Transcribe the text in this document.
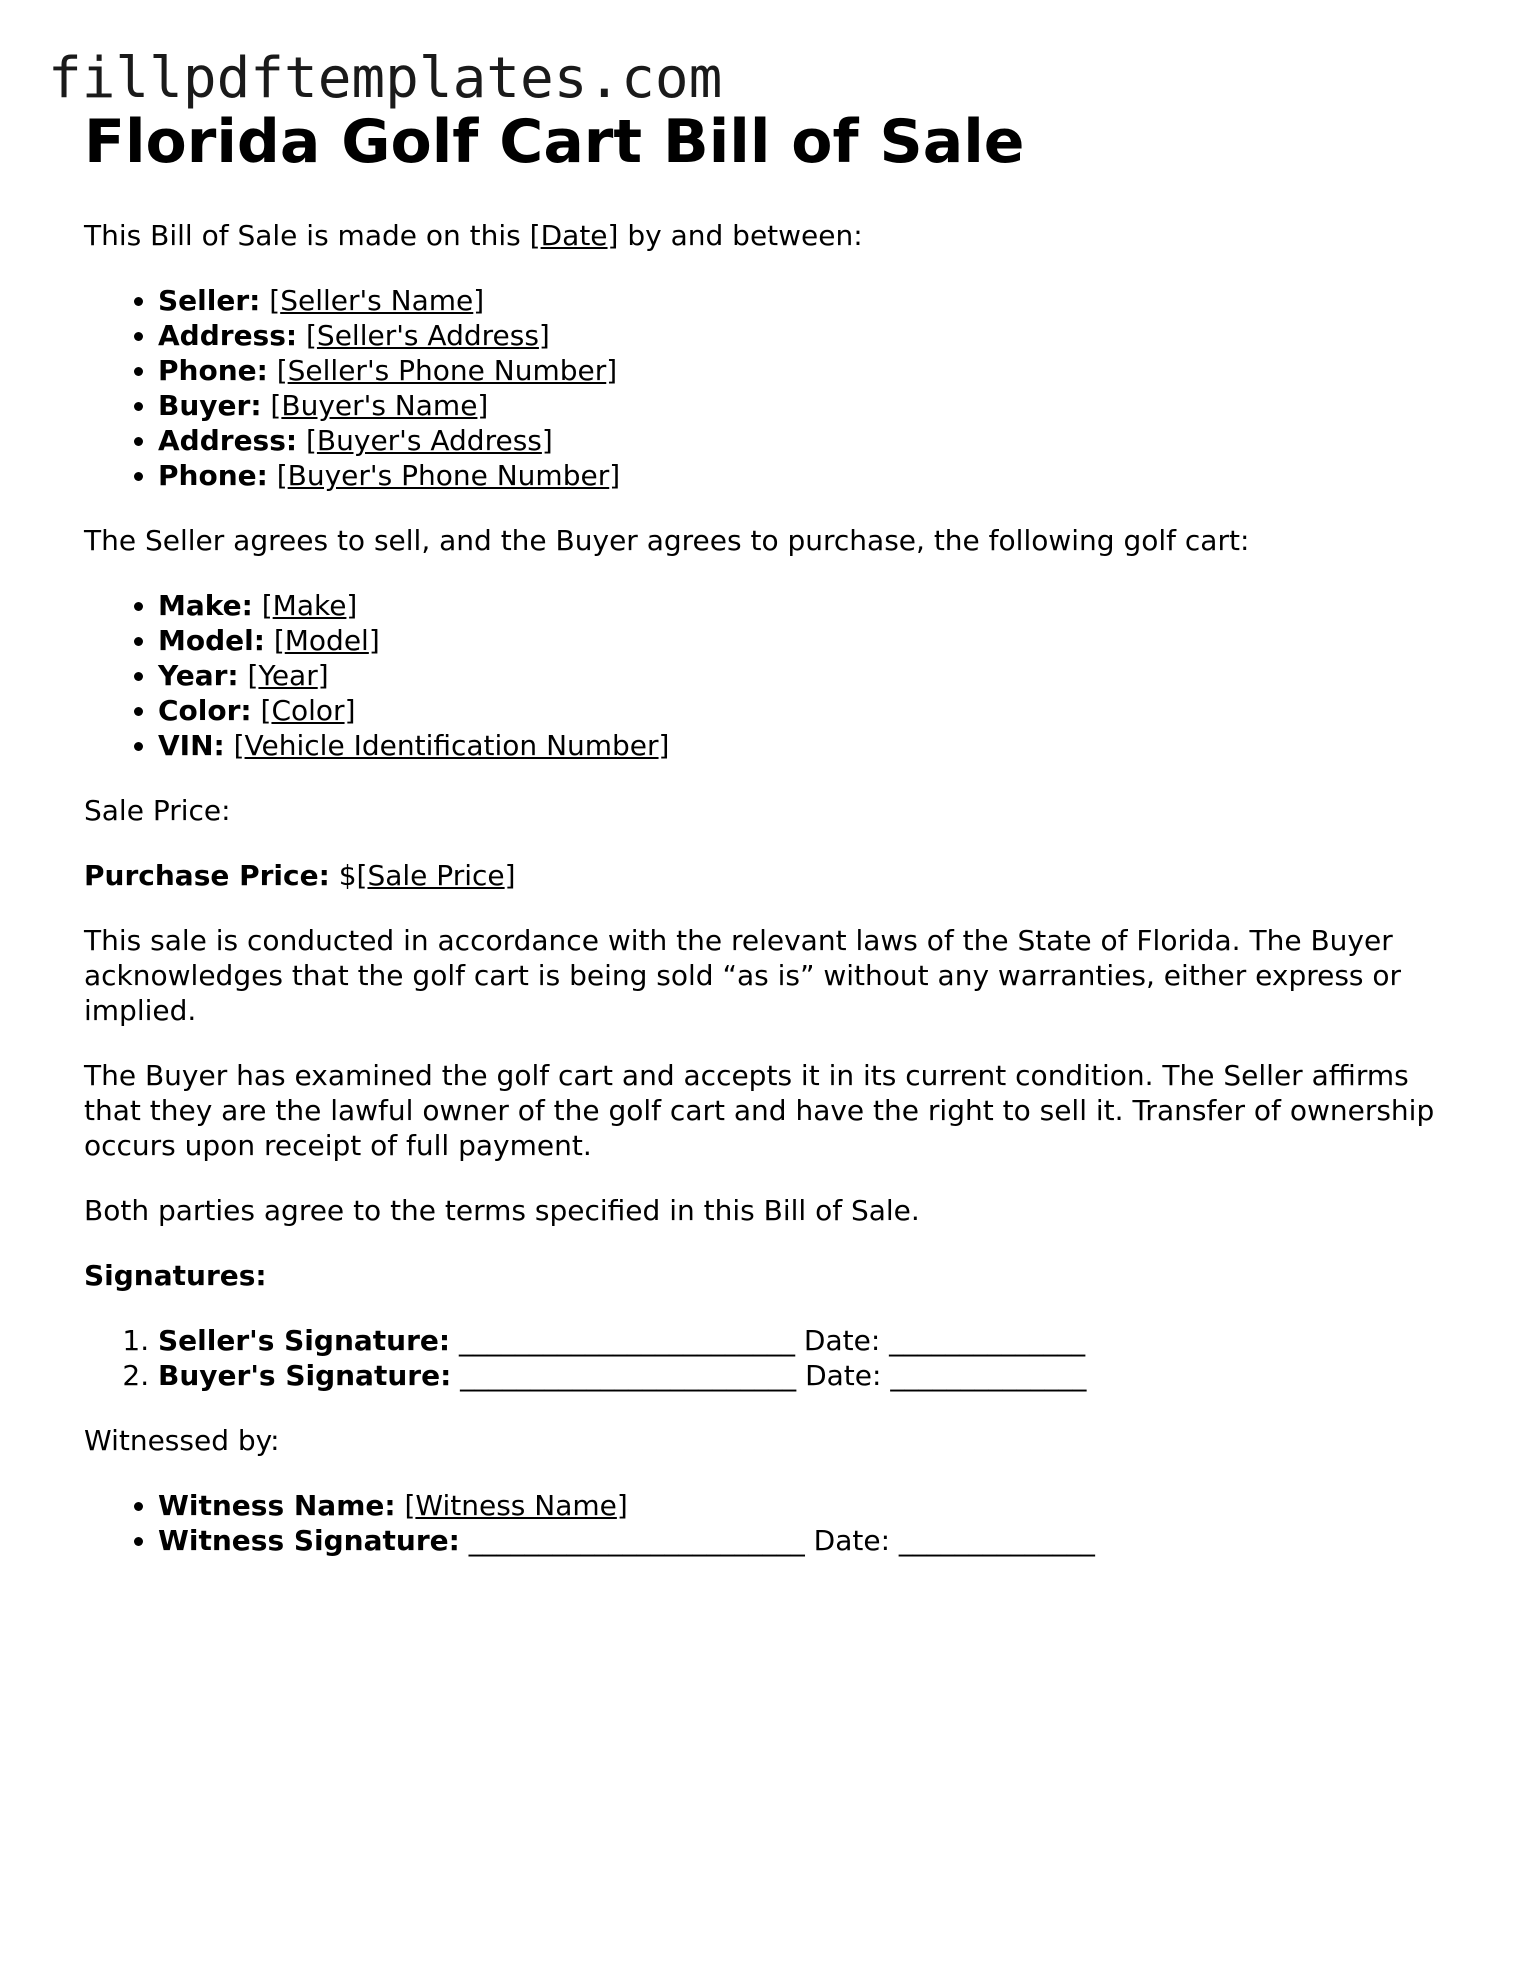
fillpdftemplates.com
Florida Golf Cart Bill of Sale

This Bill of Sale is made on this [Date] by and between:

• Seller: [Seller's Name]
• Address: [Seller's Address]
• Phone: [Seller's Phone Number]
• Buyer: [Buyer's Name]
• Address: [Buyer's Address]
• Phone: [Buyer's Phone Number]

The Seller agrees to sell, and the Buyer agrees to purchase, the following golf cart:

• Make: [Make]
• Model: [Model]
• Year: [Year]
• Color: [Color]
• VIN: [Vehicle Identification Number]

Sale Price:

Purchase Price: $[Sale Price]

This sale is conducted in accordance with the relevant laws of the State of Florida. The Buyer acknowledges that the golf cart is being sold “as is” without any warranties, either express or implied.

The Buyer has examined the golf cart and accepts it in its current condition. The Seller affirms that they are the lawful owner of the golf cart and have the right to sell it. Transfer of ownership occurs upon receipt of full payment.

Both parties agree to the terms specified in this Bill of Sale.

Signatures:

1. Seller's Signature: ________________________ Date: ______________
2. Buyer's Signature: ________________________ Date: ______________

Witnessed by:

• Witness Name: [Witness Name]
• Witness Signature: ________________________ Date: ______________
